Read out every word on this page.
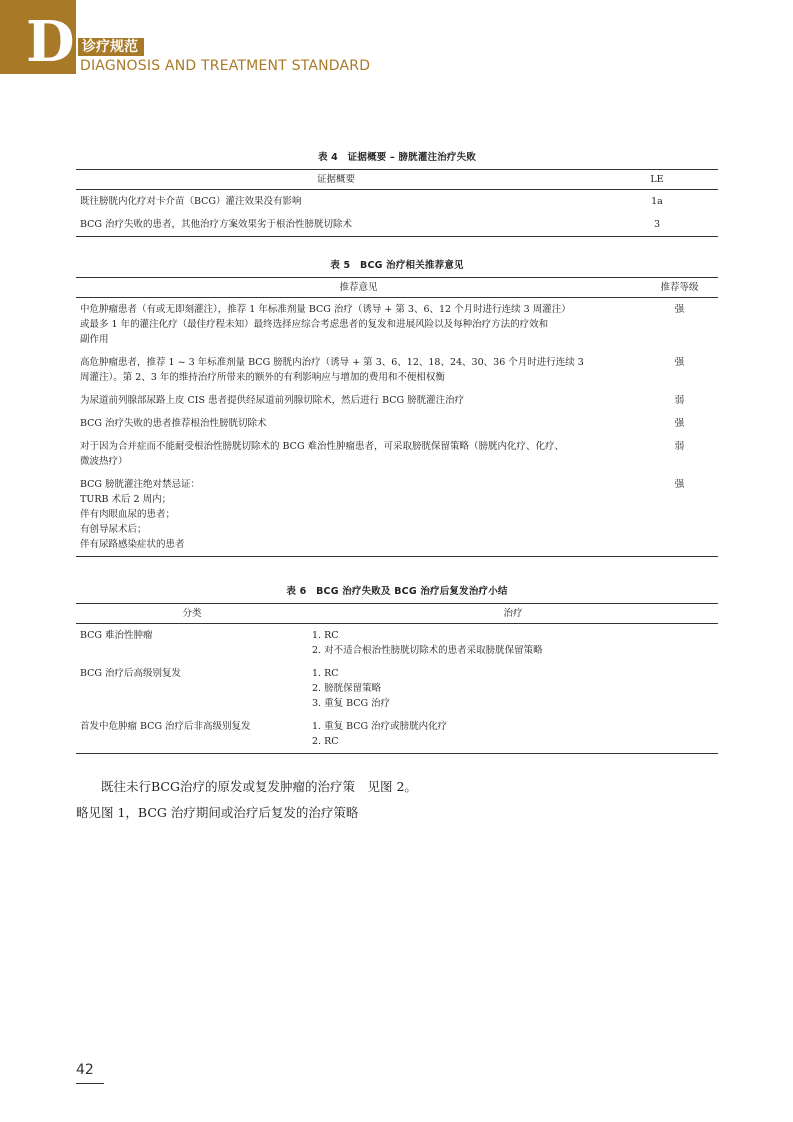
D 诊疗规范
DIAGNOSIS AND TREATMENT STANDARD
表 4　证据概要 – 膀胱灌注治疗失败
证据概要	LE
既往膀胱内化疗对卡介苗（BCG）灌注效果没有影响	1a
BCG 治疗失败的患者，其他治疗方案效果劣于根治性膀胱切除术	3
表 5　BCG 治疗相关推荐意见
推荐意见	推荐等级

中危肿瘤患者（有或无即刻灌注），推荐 1 年标准剂量 BCG 治疗（诱导 + 第 3、6、12 个月时进行连续 3 周灌注）
或最多 1 年的灌注化疗（最佳疗程未知）最终选择应综合考虑患者的复发和进展风险以及每种治疗方法的疗效和
副作用	强

高危肿瘤患者，推荐 1 ~ 3 年标准剂量 BCG 膀胱内治疗（诱导 + 第 3、6、12、18、24、30、36 个月时进行连续 3
周灌注）。第 2、3 年的维持治疗所带来的额外的有利影响应与增加的费用和不便相权衡	强

为尿道前列腺部尿路上皮 CIS 患者提供经尿道前列腺切除术，然后进行 BCG 膀胱灌注治疗	弱

BCG 治疗失败的患者推荐根治性膀胱切除术	强

对于因为合并症而不能耐受根治性膀胱切除术的 BCG 难治性肿瘤患者，可采取膀胱保留策略（膀胱内化疗、化疗、
微波热疗）	弱

BCG 膀胱灌注绝对禁忌证：
TURB 术后 2 周内；
伴有肉眼血尿的患者；
有创导尿术后；
伴有尿路感染症状的患者	强
表 6　BCG 治疗失败及 BCG 治疗后复发治疗小结
分类	治疗
BCG 难治性肿瘤	1. RC
2. 对不适合根治性膀胱切除术的患者采取膀胱保留策略

BCG 治疗后高级别复发	1. RC
2. 膀胱保留策略
3. 重复 BCG 治疗

首发中危肿瘤 BCG 治疗后非高级别复发	1. 重复 BCG 治疗或膀胱内化疗
2. RC
既往未行BCG治疗的原发或复发肿瘤的治疗策　见图 2。
略见图 1，BCG 治疗期间或治疗后复发的治疗策略
42
